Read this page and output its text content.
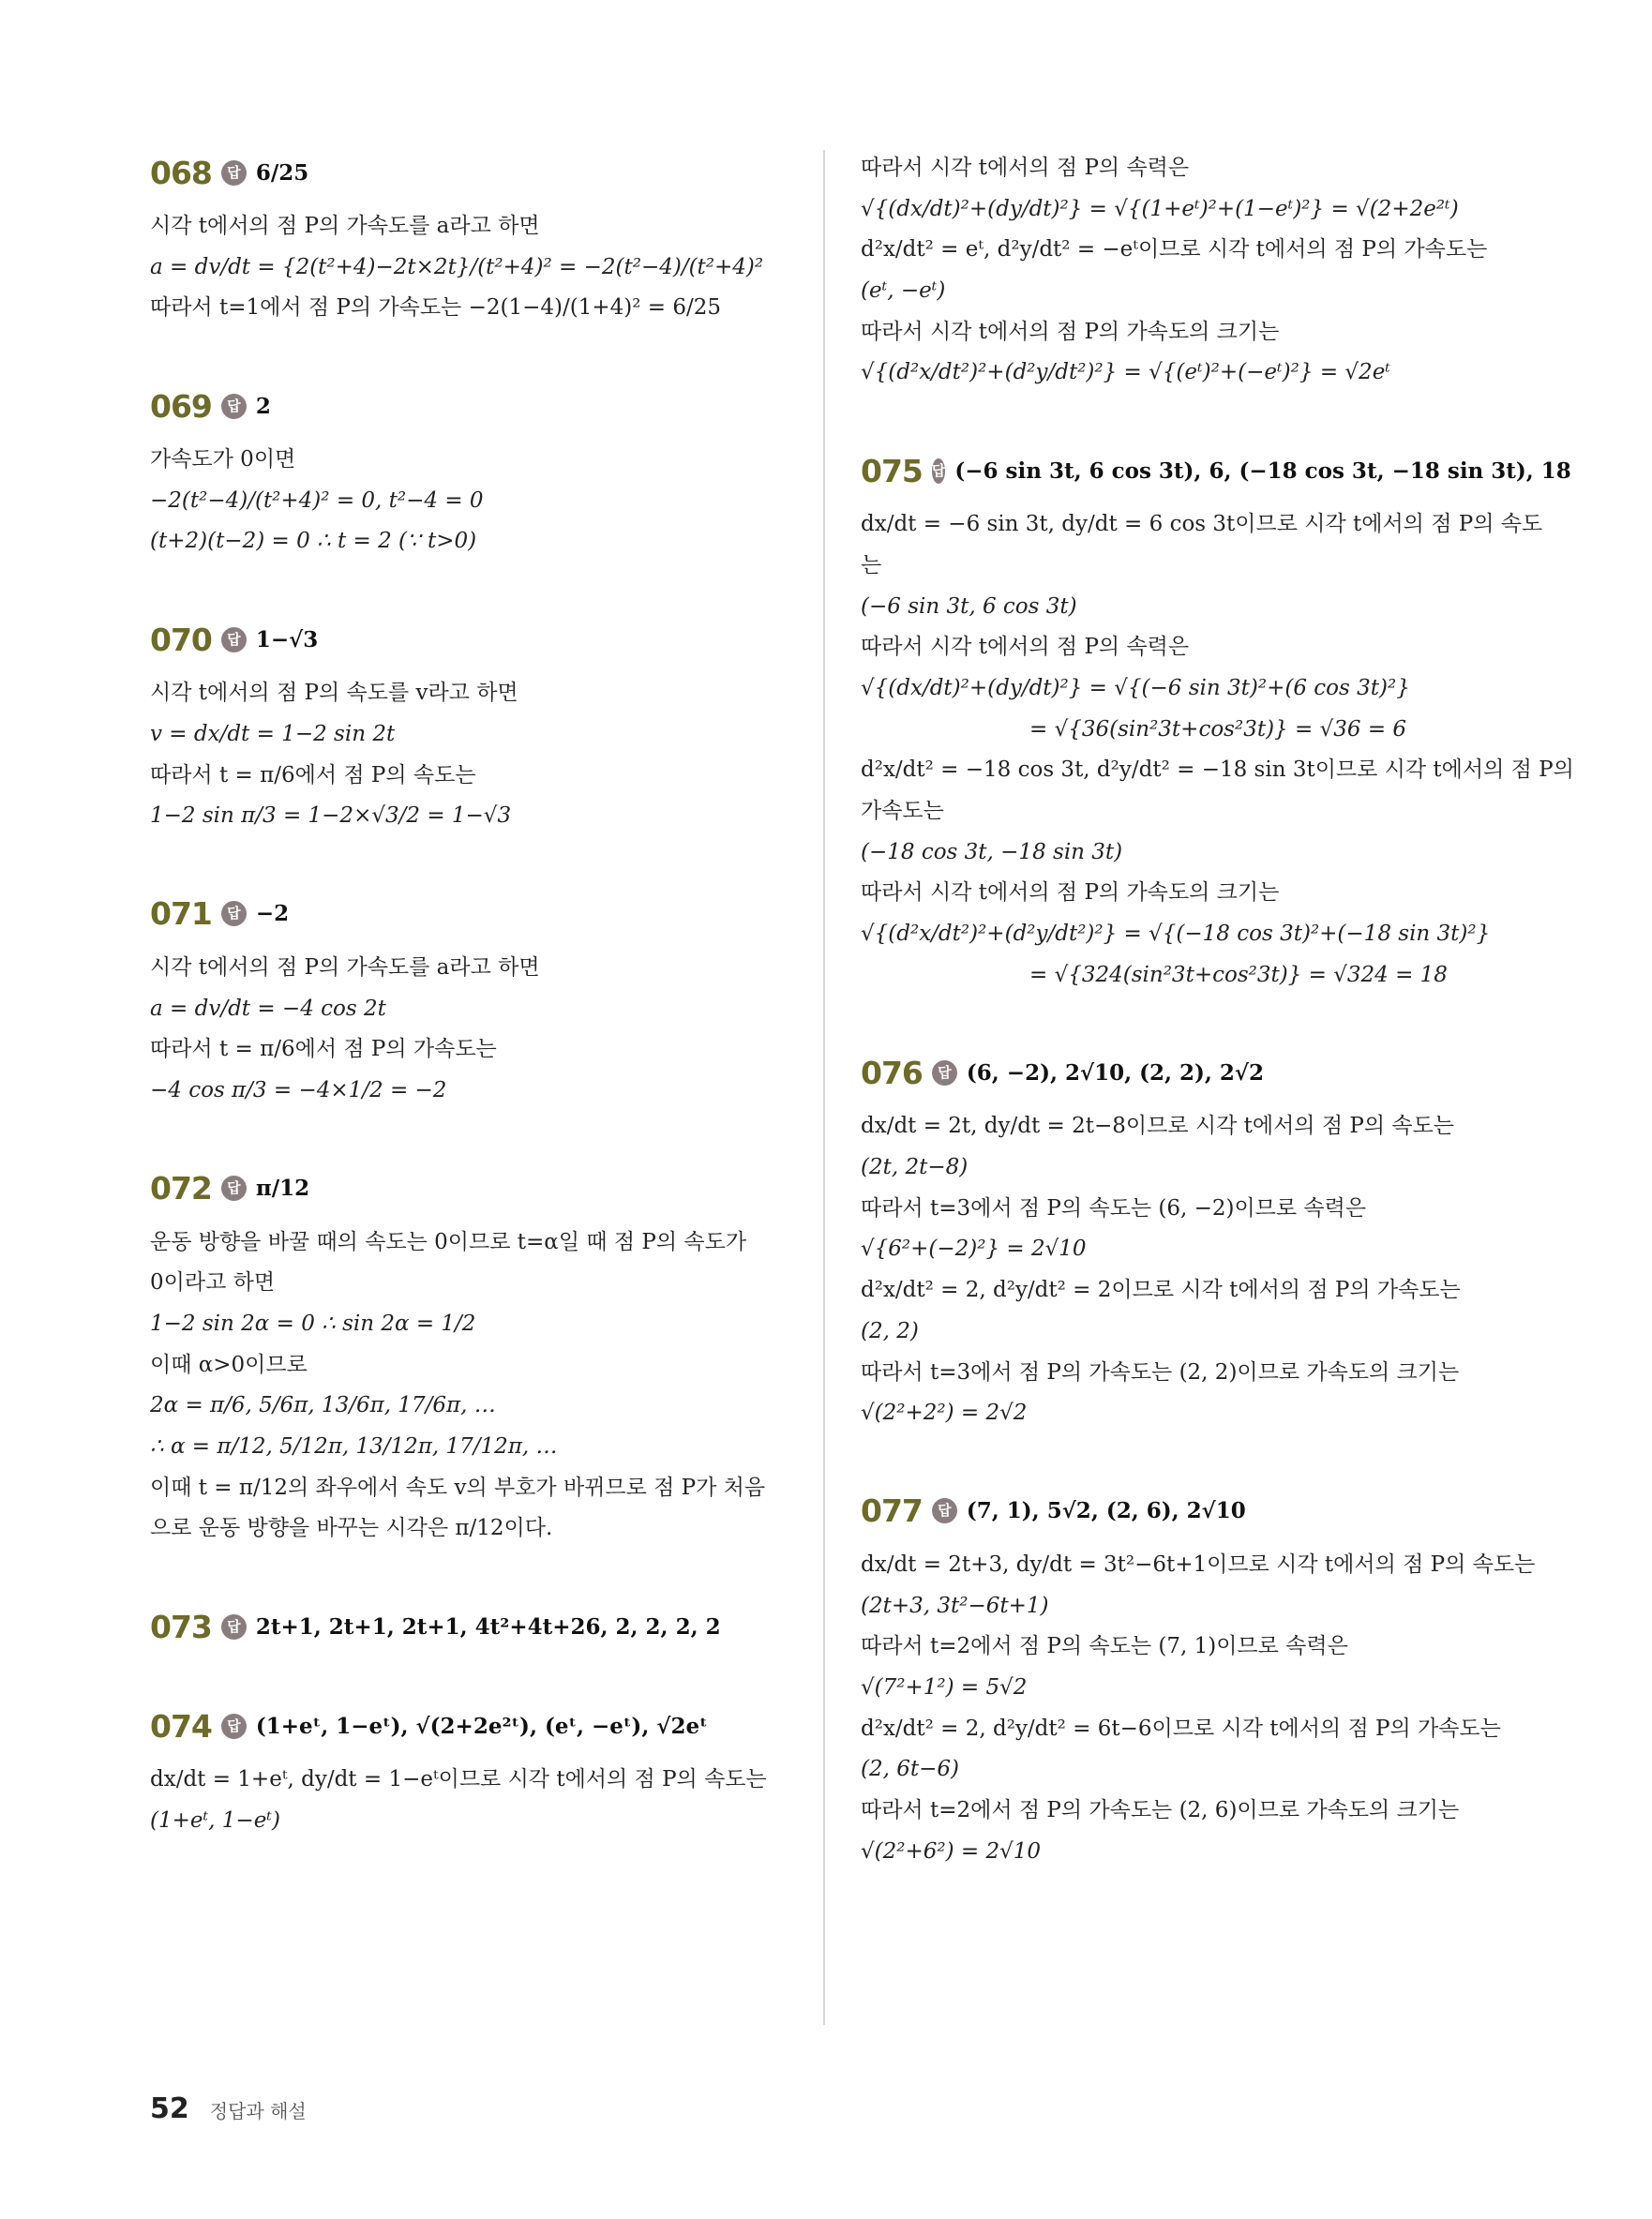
068	답 6/25
시각 t에서의 점 P의 가속도를 a라고 하면
a = dv/dt = {2(t²+4)−2t×2t}/(t²+4)² = −2(t²−4)/(t²+4)²
따라서 t=1에서 점 P의 가속도는 −2(1−4)/(1+4)² = 6/25
069	답 2
가속도가 0이면
−2(t²−4)/(t²+4)² = 0, t²−4 = 0
(t+2)(t−2) = 0 ∴ t = 2 (∵ t>0)
070	답 1−√3
시각 t에서의 점 P의 속도를 v라고 하면
v = dx/dt = 1−2 sin 2t
따라서 t = π/6에서 점 P의 속도는
1−2 sin π/3 = 1−2×√3/2 = 1−√3
071	답 −2
시각 t에서의 점 P의 가속도를 a라고 하면
a = dv/dt = −4 cos 2t
따라서 t = π/6에서 점 P의 가속도는
−4 cos π/3 = −4×1/2 = −2
072	답 π/12
운동 방향을 바꿀 때의 속도는 0이므로 t=α일 때 점 P의 속도가
0이라고 하면
1−2 sin 2α = 0 ∴ sin 2α = 1/2
이때 α>0이므로
2α = π/6, 5/6π, 13/6π, 17/6π, …
∴ α = π/12, 5/12π, 13/12π, 17/12π, …
이때 t = π/12의 좌우에서 속도 v의 부호가 바뀌므로 점 P가 처음
으로 운동 방향을 바꾸는 시각은 π/12이다.
073	답 2t+1, 2t+1, 2t+1, 4t²+4t+26, 2, 2, 2, 2
074	답 (1+eᵗ, 1−eᵗ), √(2+2e²ᵗ), (eᵗ, −eᵗ), √2eᵗ
dx/dt = 1+eᵗ, dy/dt = 1−eᵗ이므로 시각 t에서의 점 P의 속도는
(1+eᵗ, 1−eᵗ)
따라서 시각 t에서의 점 P의 속력은
√{(dx/dt)²+(dy/dt)²} = √{(1+eᵗ)²+(1−eᵗ)²} = √(2+2e²ᵗ)
d²x/dt² = eᵗ, d²y/dt² = −eᵗ이므로 시각 t에서의 점 P의 가속도는
(eᵗ, −eᵗ)
따라서 시각 t에서의 점 P의 가속도의 크기는
√{(d²x/dt²)²+(d²y/dt²)²} = √{(eᵗ)²+(−eᵗ)²} = √2eᵗ
075 답 (−6 sin 3t, 6 cos 3t), 6, (−18 cos 3t, −18 sin 3t), 18
dx/dt = −6 sin 3t, dy/dt = 6 cos 3t이므로 시각 t에서의 점 P의 속도
는
(−6 sin 3t, 6 cos 3t)
따라서 시각 t에서의 점 P의 속력은
√{(dx/dt)²+(dy/dt)²} = √{(−6 sin 3t)²+(6 cos 3t)²}
= √{36(sin²3t+cos²3t)} = √36 = 6
d²x/dt² = −18 cos 3t, d²y/dt² = −18 sin 3t이므로 시각 t에서의 점 P의
가속도는
(−18 cos 3t, −18 sin 3t)
따라서 시각 t에서의 점 P의 가속도의 크기는
√{(d²x/dt²)²+(d²y/dt²)²} = √{(−18 cos 3t)²+(−18 sin 3t)²}
= √{324(sin²3t+cos²3t)} = √324 = 18
076	답 (6, −2), 2√10, (2, 2), 2√2
dx/dt = 2t, dy/dt = 2t−8이므로 시각 t에서의 점 P의 속도는
(2t, 2t−8)
따라서 t=3에서 점 P의 속도는 (6, −2)이므로 속력은
√{6²+(−2)²} = 2√10
d²x/dt² = 2, d²y/dt² = 2이므로 시각 t에서의 점 P의 가속도는
(2, 2)
따라서 t=3에서 점 P의 가속도는 (2, 2)이므로 가속도의 크기는
√(2²+2²) = 2√2
077	답 (7, 1), 5√2, (2, 6), 2√10
dx/dt = 2t+3, dy/dt = 3t²−6t+1이므로 시각 t에서의 점 P의 속도는
(2t+3, 3t²−6t+1)
따라서 t=2에서 점 P의 속도는 (7, 1)이므로 속력은
√(7²+1²) = 5√2
d²x/dt² = 2, d²y/dt² = 6t−6이므로 시각 t에서의 점 P의 가속도는
(2, 6t−6)
따라서 t=2에서 점 P의 가속도는 (2, 6)이므로 가속도의 크기는
√(2²+6²) = 2√10
52 정답과 해설
